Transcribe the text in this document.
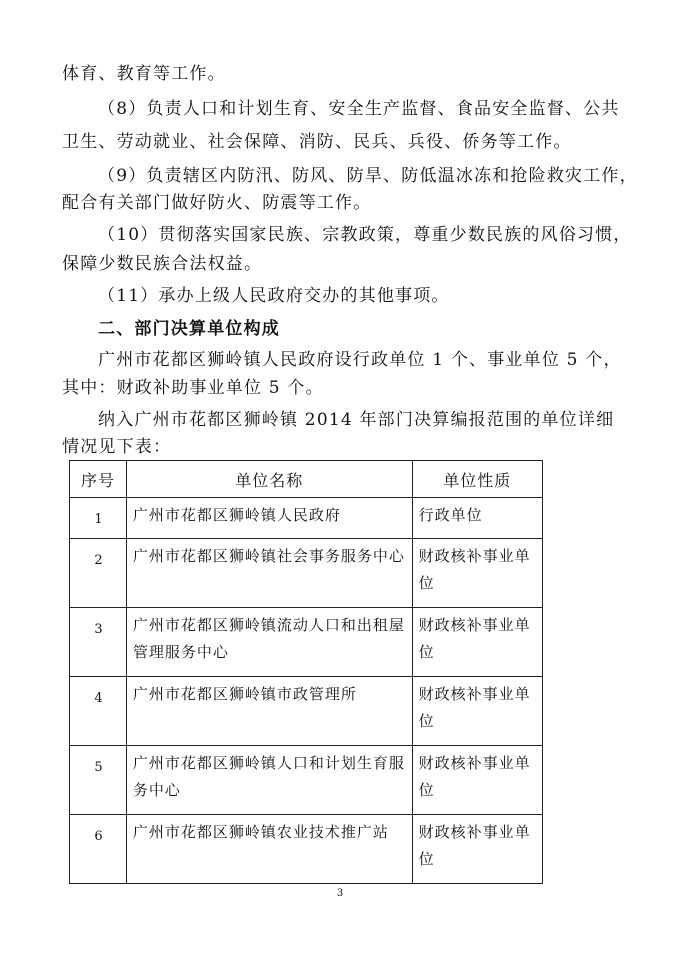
体育、教育等工作。
（8）负责人口和计划生育、安全生产监督、食品安全监督、公共
卫生、劳动就业、社会保障、消防、民兵、兵役、侨务等工作。
（9）负责辖区内防汛、防风、防旱、防低温冰冻和抢险救灾工作，
配合有关部门做好防火、防震等工作。
（10）贯彻落实国家民族、宗教政策，尊重少数民族的风俗习惯，
保障少数民族合法权益。
（11）承办上级人民政府交办的其他事项。
二、部门决算单位构成
广州市花都区狮岭镇人民政府设行政单位 1 个、事业单位 5 个，
其中：财政补助事业单位 5 个。
纳入广州市花都区狮岭镇 2014 年部门决算编报范围的单位详细
情况见下表：
序号	单位名称	单位性质
1	广州市花都区狮岭镇人民政府	行政单位
2	广州市花都区狮岭镇社会事务服务中心	财政核补事业单位
3	广州市花都区狮岭镇流动人口和出租屋管理服务中心	财政核补事业单位
4	广州市花都区狮岭镇市政管理所	财政核补事业单位
5	广州市花都区狮岭镇人口和计划生育服务中心	财政核补事业单位
6	广州市花都区狮岭镇农业技术推广站	财政核补事业单位
3
